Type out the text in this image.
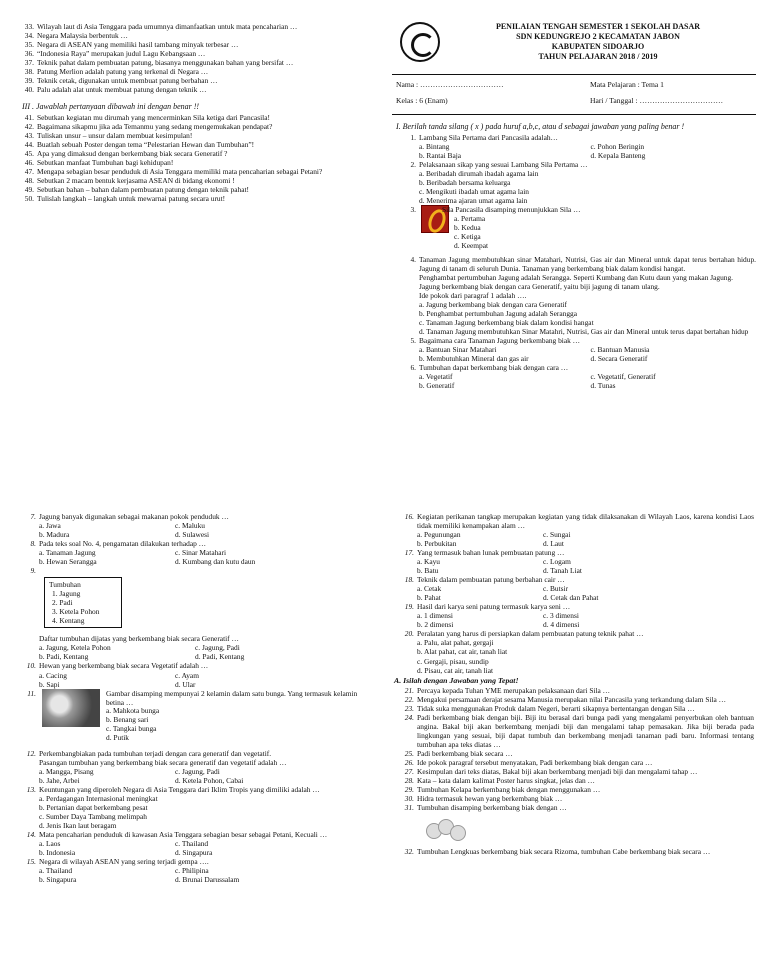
33. Wilayah laut di Asia Tenggara pada umumnya dimanfaatkan untuk mata pencaharian …
34. Negara Malaysia berbentuk …
35. Negara di ASEAN yang memiliki hasil tambang minyak terbesar …
36. “Indonesia Raya” merupakan judul Lagu Kebangsaan …
37. Teknik pahat dalam pembuatan patung, biasanya menggunakan bahan yang bersifat …
38. Patung Merlion adalah patung yang terkenal di Negara …
39. Teknik cetak, digunakan untuk membuat patung berbahan …
40. Palu adalah alat untuk membuat patung dengan teknik …
III . Jawablah pertanyaan dibawah ini dengan benar !!
41. Sebutkan kegiatan mu dirumah yang mencerminkan Sila ketiga dari Pancasila!
42. Bagaimana sikapmu jika ada Temanmu yang sedang mengemukakan pendapat?
43. Tuliskan unsur – unsur dalam membuat kesimpulan!
44. Buatlah sebuah Poster dengan tema “Pelestarian Hewan dan Tumbuhan”!
45. Apa yang dimaksud dengan berkembang biak secara Generatif ?
46. Sebutkan manfaat Tumbuhan bagi kehidupan!
47. Mengapa sebagian besar penduduk di Asia Tenggara memiliki mata pencaharian sebagai Petani?
48. Sebutkan 2 macam bentuk kerjasama ASEAN di bidang ekonomi !
49. Sebutkan bahan – bahan dalam pembuatan patung dengan teknik pahat!
50. Tulislah langkah – langkah untuk mewarnai patung secara urut!
PENILAIAN TENGAH SEMESTER 1 SEKOLAH DASAR
SDN KEDUNGREJO 2 KECAMATAN JABON
KABUPATEN SIDOARJO
TAHUN PELAJARAN 2018 / 2019
Nama : ……………………………	Mata Pelajaran : Tema 1
Kelas : 6 (Enam)	Hari / Tanggal : ……………………………
I. Berilah tanda silang ( x ) pada huruf a,b,c, atau d sebagai jawaban yang paling benar !
1. Lambang Sila Pertama dari Pancasila adalah…
a. Bintang	c. Pohon Beringin
b. Rantai Baja	d. Kepala Banteng
2. Pelaksanaan sikap yang sesuai Lambang Sila Pertama …
a. Beribadah dirumah ibadah agama lain
b. Beribadah bersama keluarga
c. Mengikuti ibadah umat agama lain
d. Menerima ajaran umat agama lain
3.	Sila Pancasila disamping menunjukkan Sila …
a. Pertama
b. Kedua
c. Ketiga
d. Keempat
4. Tanaman Jagung membutuhkan sinar Matahari, Nutrisi, Gas air dan Mineral untuk dapat terus bertahan hidup. Jagung di tanam di seluruh Dunia. Tanaman yang berkembang biak dalam kondisi hangat.
Penghambat pertumbuhan Jagung adalah Serangga. Seperti Kumbang dan Kutu daun yang makan Jagung.
Jagung berkembang biak dengan cara Generatif, yaitu biji jagung di tanam ulang.
Ide pokok dari paragraf 1 adalah ….
a. Jagung berkembang biak dengan cara Generatif
b. Penghambat pertumbuhan Jagung adalah Serangga
c. Tanaman Jagung berkembang biak dalam kondisi hangat
d. Tanaman Jagung membutuhkan Sinar Matahri, Nutrisi, Gas air dan Mineral untuk terus dapat bertahan hidup
5. Bagaimana cara Tanaman Jagung berkembang biak …
a. Bantuan Sinar Matahari	c. Bantuan Manusia
b. Membutuhkan Mineral dan gas air	d. Secara Generatif
6. Tumbuhan dapat berkembang biak dengan cara …
a. Vegetatif	c. Vegetatif, Generatif
b. Generatif	d. Tunas
7. Jagung banyak digunakan sebagai makanan pokok penduduk …
a. Jawa	c. Maluku
b. Madura	d. Sulawesi
8. Pada teks soal No. 4, pengamatan dilakukan terhadap …
a. Tanaman Jagung	c. Sinar Matahari
b. Hewan Serangga	d. Kumbang dan kutu daun
9.
Tumbuhan
1. Jagung
2. Padi
3. Ketela Pohon
4. Kentang
Daftar tumbuhan dijatas yang berkembang biak secara Generatif …
a. Jagung, Ketela Pohon	c. Jagung, Padi
b. Padi, Kentang	d. Padi, Kentang
10. Hewan yang berkembang biak secara Vegetatif adalah …
a. Cacing	c. Ayam
b. Sapi	d. Ular
11.	Gambar disamping mempunyai 2 kelamin dalam satu bunga. Yang termasuk kelamin betina …
a. Mahkota bunga
b. Benang sari
c. Tangkai bunga
d. Putik
12. Perkembangbiakan pada tumbuhan terjadi dengan cara generatif dan vegetatif.
Pasangan tumbuhan yang berkembang biak secara generatif dan vegetatif adalah …
a. Mangga, Pisang	c. Jagung, Padi
b. Jahe, Arbei	d. Ketela Pohon, Cabai
13. Keuntungan yang diperoleh Negara di Asia Tenggara dari Iklim Tropis yang dimiliki adalah …
a. Perdagangan Internasional meningkat
b. Pertanian dapat berkembang pesat
c. Sumber Daya Tambang melimpah
d. Jenis Ikan laut beragam
14. Mata pencaharian penduduk di kawasan Asia Tenggara sebagian besar sebagai Petani, Kecuali …
a. Laos	c. Thailand
b. Indonesia	d. Singapura
15. Negara di wilayah ASEAN yang sering terjadi gempa ….
a. Thailand	c. Philipina
b. Singapura	d. Brunai Darussalam
16. Kegiatan perikanan tangkap merupakan kegiatan yang tidak dilaksanakan di Wilayah Laos, karena kondisi Laos tidak memiliki kenampakan alam …
a. Pegunungan	c. Sungai
b. Perbukitan	d. Laut
17. Yang termasuk bahan lunak pembuatan patung …
a. Kayu	c. Logam
b. Batu	d. Tanah Liat
18. Teknik dalam pembuatan patung berbahan cair …
a. Cetak	c. Butsir
b. Pahat	d. Cetak dan Pahat
19. Hasil dari karya seni patung termasuk karya seni …
a. 1 dimensi	c. 3 dimensi
b. 2 dimensi	d. 4 dimensi
20. Peralatan yang harus di persiapkan dalam pembuatan patung teknik pahat …
a. Palu, alat pahat, gergaji
b. Alat pahat, cat air, tanah liat
c. Gergaji, pisau, sundip
d. Pisau, cat air, tanah liat
A. Isilah dengan Jawaban yang Tepat!
21. Percaya kepada Tuhan YME merupakan pelaksanaan dari Sila …
22. Mengakui persamaan derajat sesama Manusia merupakan nilai Pancasila yang terkandung dalam Sila …
23. Tidak suka menggunakan Produk dalam Negeri, berarti sikapnya bertentangan dengan Sila …
24. Padi berkembang biak dengan biji. Biji itu berasal dari bunga padi yang mengalami penyerbukan oleh bantuan angina. Bakal biji akan berkembang menjadi biji dan mengalami tahap pemasakan. Jika biji berada pada lingkungan yang sesuai, biji dapat tumbuh dan berkembang menjadi tanaman padi baru. Informasi tentang tumbuhan apa teks diatas …
25. Padi berkembang biak secara …
26. Ide pokok paragraf tersebut menyatakan, Padi berkembang biak dengan cara …
27. Kesimpulan dari teks diatas, Bakal biji akan berkembang menjadi biji dan mengalami tahap …
28. Kata – kata dalam kalimat Poster harus singkat, jelas dan …
29. Tumbuhan Kelapa berkembang biak dengan menggunakan …
30. Hidra termasuk hewan yang berkembang biak …
31. Tumbuhan disamping berkembang biak dengan …
32. Tumbuhan Lengkuas berkembang biak secara Rizoma, tumbuhan Cabe berkembang biak secara …
